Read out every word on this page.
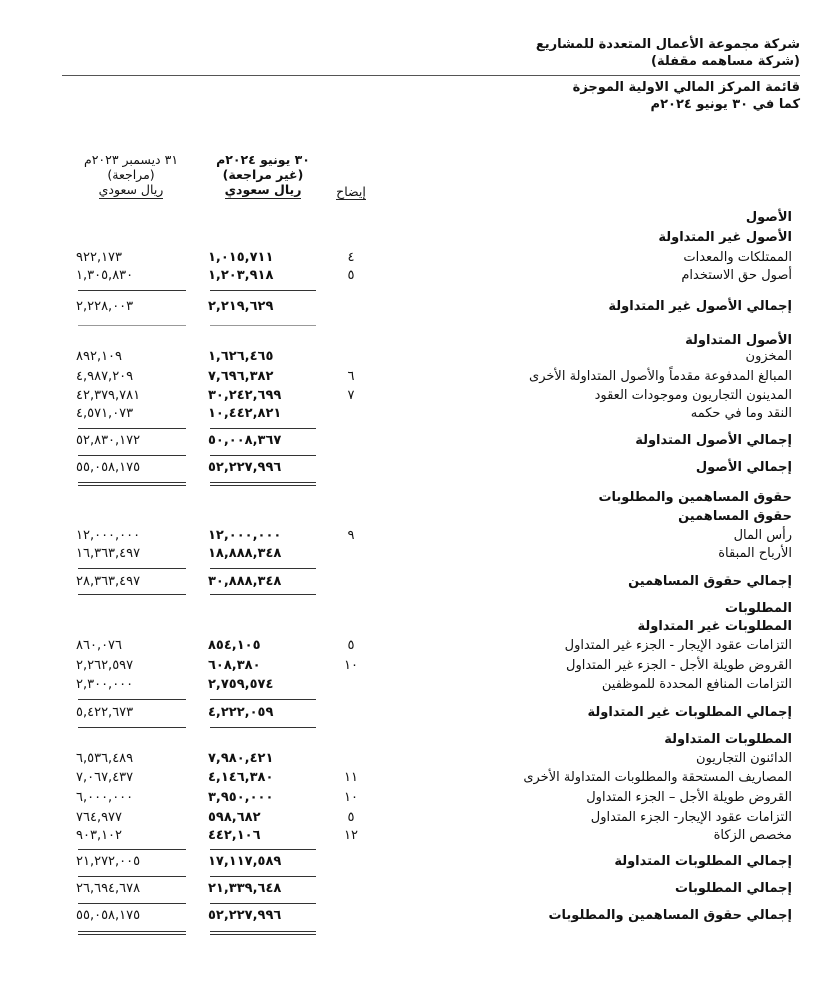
شركة مجموعة الأعمال المتعددة للمشاريع
(شركة مساهمه مقفلة)
قائمة المركز المالي الاولية الموجزة
كما في ٣٠ يونيو ٢٠٢٤م
٣٠ يونيو ٢٠٢٤م
(غير مراجعة)
ريال سعودي
٣١ ديسمبر ٢٠٢٣م
(مراجعة)
ريال سعودي	إيضاح
الأصول
الأصول غير المتداولة
الممتلكات والمعدات
٤
١,٠١٥,٧١١
٩٢٢,١٧٣
أصول حق الاستخدام
٥
١,٢٠٣,٩١٨
١,٣٠٥,٨٣٠
إجمالي الأصول غير المتداولة
٢,٢١٩,٦٢٩
٢,٢٢٨,٠٠٣
الأصول المتداولة
المخزون
١,٦٢٦,٤٦٥
٨٩٢,١٠٩
المبالغ المدفوعة مقدماً والأصول المتداولة الأخرى
٦
٧,٦٩٦,٣٨٢
٤,٩٨٧,٢٠٩
المدينون التجاريون وموجودات العقود
٧
٣٠,٢٤٢,٦٩٩
٤٢,٣٧٩,٧٨١
النقد وما في حكمه
١٠,٤٤٢,٨٢١
٤,٥٧١,٠٧٣
إجمالي الأصول المتداولة
٥٠,٠٠٨,٣٦٧
٥٢,٨٣٠,١٧٢
إجمالي الأصول
٥٢,٢٢٧,٩٩٦
٥٥,٠٥٨,١٧٥
حقوق المساهمين والمطلوبات
حقوق المساهمين
رأس المال
٩
١٢,٠٠٠,٠٠٠
١٢,٠٠٠,٠٠٠
الأرباح المبقاة
١٨,٨٨٨,٣٤٨
١٦,٣٦٣,٤٩٧
إجمالي حقوق المساهمين
٣٠,٨٨٨,٣٤٨
٢٨,٣٦٣,٤٩٧
المطلوبات
المطلوبات غير المتداولة
التزامات عقود الإيجار - الجزء غير المتداول
٥
٨٥٤,١٠٥
٨٦٠,٠٧٦
القروض طويلة الأجل - الجزء غير المتداول
١٠
٦٠٨,٣٨٠
٢,٢٦٢,٥٩٧
التزامات المنافع المحددة للموظفين
٢,٧٥٩,٥٧٤
٢,٣٠٠,٠٠٠
إجمالي المطلوبات غير المتداولة
٤,٢٢٢,٠٥٩
٥,٤٢٢,٦٧٣
المطلوبات المتداولة
الدائنون التجاريون
٧,٩٨٠,٤٢١
٦,٥٣٦,٤٨٩
المصاريف المستحقة والمطلوبات المتداولة الأخرى
١١
٤,١٤٦,٣٨٠
٧,٠٦٧,٤٣٧
القروض طويلة الأجل – الجزء المتداول
١٠
٣,٩٥٠,٠٠٠
٦,٠٠٠,٠٠٠
التزامات عقود الإيجار- الجزء المتداول
٥
٥٩٨,٦٨٢
٧٦٤,٩٧٧
مخصص الزكاة
١٢
٤٤٢,١٠٦
٩٠٣,١٠٢
إجمالي المطلوبات المتداولة
١٧,١١٧,٥٨٩
٢١,٢٧٢,٠٠٥
إجمالي المطلوبات
٢١,٣٣٩,٦٤٨
٢٦,٦٩٤,٦٧٨
إجمالي حقوق المساهمين والمطلوبات
٥٢,٢٢٧,٩٩٦
٥٥,٠٥٨,١٧٥
